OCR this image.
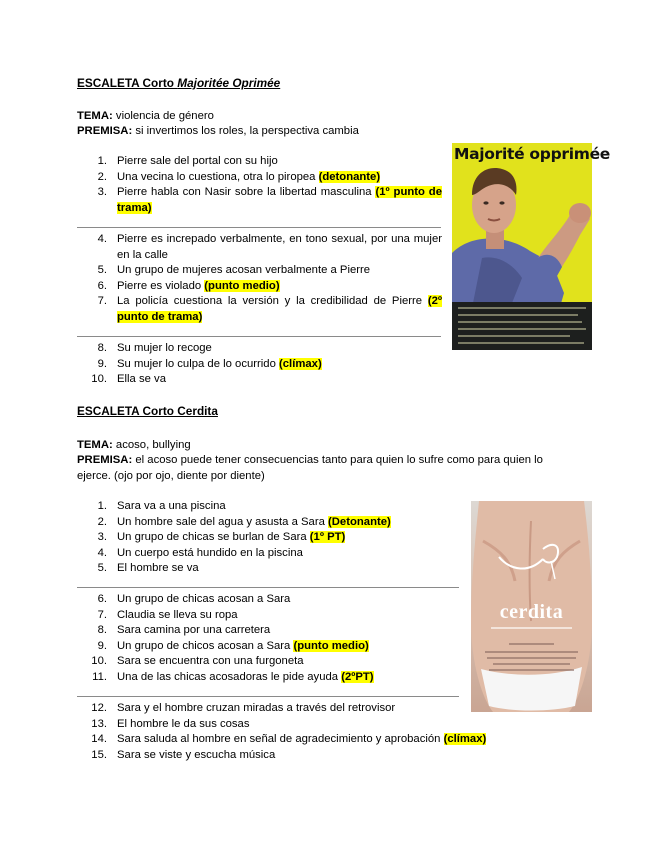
ESCALETA Corto Majoritée Oprimée
TEMA: violencia de género
PREMISA: si invertimos los roles, la perspectiva cambia
1. Pierre sale del portal con su hijo
2. Una vecina lo cuestiona, otra lo piropea (detonante)
3. Pierre habla con Nasir sobre la libertad masculina (1º punto de trama)
4. Pierre es increpado verbalmente, en tono sexual, por una mujer en la calle
5. Un grupo de mujeres acosan verbalmente a Pierre
6. Pierre es violado (punto medio)
7. La policía cuestiona la versión y la credibilidad de Pierre (2º punto de trama)
8. Su mujer lo recoge
9. Su mujer lo culpa de lo ocurrido (clímax)
10. Ella se va
Majorité opprimée
ESCALETA Corto Cerdita
TEMA: acoso, bullying
PREMISA: el acoso puede tener consecuencias tanto para quien lo sufre como para quien lo
ejerce. (ojo por ojo, diente por diente)
1. Sara va a una piscina
2. Un hombre sale del agua y asusta a Sara (Detonante)
3. Un grupo de chicas se burlan de Sara (1º PT)
4. Un cuerpo está hundido en la piscina
5. El hombre se va
6. Un grupo de chicas acosan a Sara
7. Claudia se lleva su ropa
8. Sara camina por una carretera
9. Un grupo de chicos acosan a Sara (punto medio)
10. Sara se encuentra con una furgoneta
11. Una de las chicas acosadoras le pide ayuda (2ºPT)
12. Sara y el hombre cruzan miradas a través del retrovisor
13. El hombre le da sus cosas
14. Sara saluda al hombre en señal de agradecimiento y aprobación (clímax)
15. Sara se viste y escucha música
cerdita
